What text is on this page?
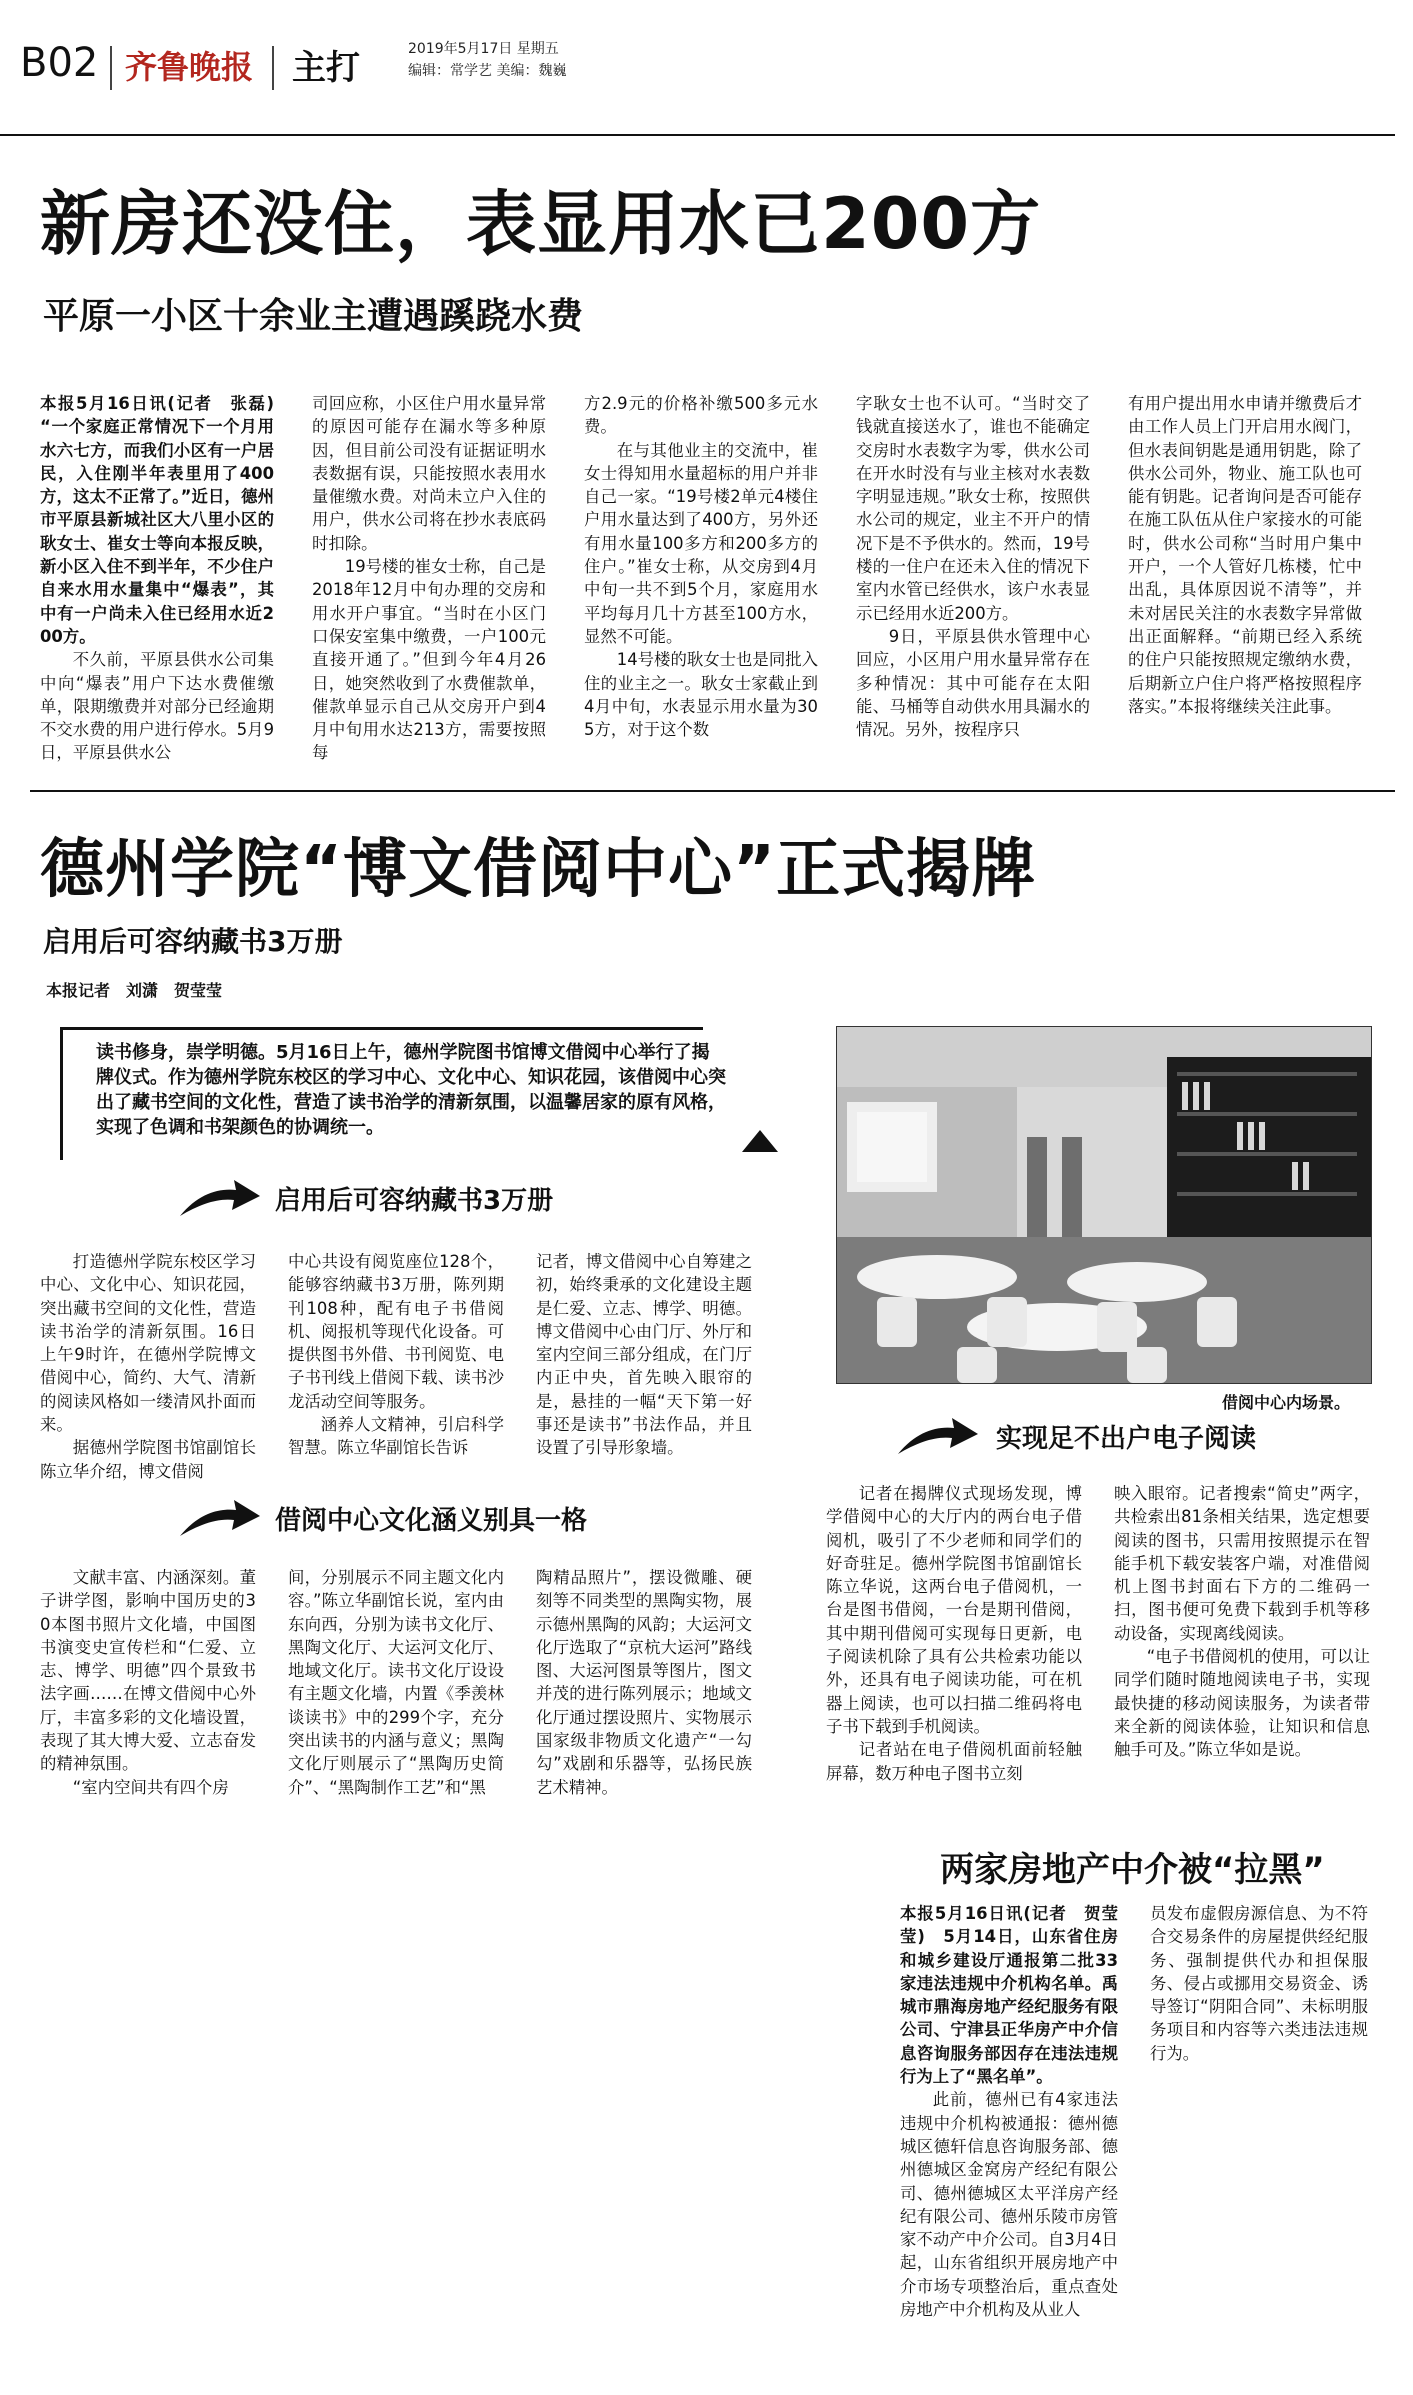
B02 齐鲁晚报 主打	2019年5月17日 星期五
编辑：常学艺 美编：魏巍
新房还没住，表显用水已200方
平原一小区十余业主遭遇蹊跷水费

本报5月16日讯(记者　张磊)　“一个家庭正常情况下一个月用水六七方，而我们小区有一户居民，入住刚半年表里用了400方，这太不正常了。”近日，德州市平原县新城社区大八里小区的耿女士、崔女士等向本报反映，新小区入住不到半年，不少住户自来水用水量集中“爆表”，其中有一户尚未入住已经用水近200方。

不久前，平原县供水公司集中向“爆表”用户下达水费催缴单，限期缴费并对部分已经逾期不交水费的用户进行停水。5月9日，平原县供水公

司回应称，小区住户用水量异常的原因可能存在漏水等多种原因，但目前公司没有证据证明水表数据有误，只能按照水表用水量催缴水费。对尚未立户入住的用户，供水公司将在抄水表底码时扣除。

19号楼的崔女士称，自己是2018年12月中旬办理的交房和用水开户事宜。“当时在小区门口保安室集中缴费，一户100元直接开通了。”但到今年4月26日，她突然收到了水费催款单，催款单显示自己从交房开户到4月中旬用水达213方，需要按照每

方2.9元的价格补缴500多元水费。

在与其他业主的交流中，崔女士得知用水量超标的用户并非自己一家。“19号楼2单元4楼住户用水量达到了400方，另外还有用水量100多方和200多方的住户。”崔女士称，从交房到4月中旬一共不到5个月，家庭用水平均每月几十方甚至100方水，显然不可能。

14号楼的耿女士也是同批入住的业主之一。耿女士家截止到4月中旬，水表显示用水量为305方，对于这个数

字耿女士也不认可。“当时交了钱就直接送水了，谁也不能确定交房时水表数字为零，供水公司在开水时没有与业主核对水表数字明显违规。”耿女士称，按照供水公司的规定，业主不开户的情况下是不予供水的。然而，19号楼的一住户在还未入住的情况下室内水管已经供水，该户水表显示已经用水近200方。

9日，平原县供水管理中心回应，小区用户用水量异常存在多种情况：其中可能存在太阳能、马桶等自动供水用具漏水的情况。另外，按程序只

有用户提出用水申请并缴费后才由工作人员上门开启用水阀门，但水表间钥匙是通用钥匙，除了供水公司外，物业、施工队也可能有钥匙。记者询问是否可能存在施工队伍从住户家接水的可能时，供水公司称“当时用户集中开户，一个人管好几栋楼，忙中出乱，具体原因说不清等”，并未对居民关注的水表数字异常做出正面解释。“前期已经入系统的住户只能按照规定缴纳水费，后期新立户住户将严格按照程序落实。”本报将继续关注此事。

德州学院“博文借阅中心”正式揭牌
启用后可容纳藏书3万册
本报记者　刘潇　贺莹莹
读书修身，崇学明德。5月16日上午，德州学院图书馆博文借阅中心举行了揭牌仪式。作为德州学院东校区的学习中心、文化中心、知识花园，该借阅中心突出了藏书空间的文化性，营造了读书治学的清新氛围，以温馨居家的原有风格，实现了色调和书架颜色的协调统一。
启用后可容纳藏书3万册

打造德州学院东校区学习中心、文化中心、知识花园，突出藏书空间的文化性，营造读书治学的清新氛围。16日上午9时许，在德州学院博文借阅中心，简约、大气、清新的阅读风格如一缕清风扑面而来。

据德州学院图书馆副馆长陈立华介绍，博文借阅

中心共设有阅览座位128个，能够容纳藏书3万册，陈列期刊108种，配有电子书借阅机、阅报机等现代化设备。可提供图书外借、书刊阅览、电子书刊线上借阅下载、读书沙龙活动空间等服务。

涵养人文精神，引启科学智慧。陈立华副馆长告诉

记者，博文借阅中心自筹建之初，始终秉承的文化建设主题是仁爱、立志、博学、明德。博文借阅中心由门厅、外厅和室内空间三部分组成，在门厅内正中央，首先映入眼帘的是，悬挂的一幅“天下第一好事还是读书”书法作品，并且设置了引导形象墙。

借阅中心文化涵义别具一格

文献丰富、内涵深刻。董子讲学图，影响中国历史的30本图书照片文化墙，中国图书演变史宣传栏和“仁爱、立志、博学、明德”四个景致书法字画……在博文借阅中心外厅，丰富多彩的文化墙设置，表现了其大博大爱、立志奋发的精神氛围。

“室内空间共有四个房

间，分别展示不同主题文化内容。”陈立华副馆长说，室内由东向西，分别为读书文化厅、黑陶文化厅、大运河文化厅、地域文化厅。读书文化厅设设有主题文化墙，内置《季羡林谈读书》中的299个字，充分突出读书的内涵与意义；黑陶文化厅则展示了“黑陶历史简介”、“黑陶制作工艺”和“黑

陶精品照片”，摆设微雕、硬刻等不同类型的黑陶实物，展示德州黑陶的风韵；大运河文化厅选取了“京杭大运河”路线图、大运河图景等图片，图文并茂的进行陈列展示；地域文化厅通过摆设照片、实物展示国家级非物质文化遗产“一勾勾”戏剧和乐器等，弘扬民族艺术精神。

借阅中心内场景。
实现足不出户电子阅读

记者在揭牌仪式现场发现，博学借阅中心的大厅内的两台电子借阅机，吸引了不少老师和同学们的好奇驻足。德州学院图书馆副馆长陈立华说，这两台电子借阅机，一台是图书借阅，一台是期刊借阅，其中期刊借阅可实现每日更新，电子阅读机除了具有公共检索功能以外，还具有电子阅读功能，可在机器上阅读，也可以扫描二维码将电子书下载到手机阅读。

记者站在电子借阅机面前轻触屏幕，数万种电子图书立刻

映入眼帘。记者搜索“简史”两字，共检索出81条相关结果，选定想要阅读的图书，只需用按照提示在智能手机下载安装客户端，对准借阅机上图书封面右下方的二维码一扫，图书便可免费下载到手机等移动设备，实现离线阅读。

“电子书借阅机的使用，可以让同学们随时随地阅读电子书，实现最快捷的移动阅读服务，为读者带来全新的阅读体验，让知识和信息触手可及。”陈立华如是说。

两家房地产中介被“拉黑”

本报5月16日讯(记者　贺莹莹)　5月14日，山东省住房和城乡建设厅通报第二批33家违法违规中介机构名单。禹城市鼎海房地产经纪服务有限公司、宁津县正华房产中介信息咨询服务部因存在违法违规行为上了“黑名单”。

此前，德州已有4家违法违规中介机构被通报：德州德城区德轩信息咨询服务部、德州德城区金窝房产经纪有限公司、德州德城区太平洋房产经纪有限公司、德州乐陵市房管家不动产中介公司。自3月4日起，山东省组织开展房地产中介市场专项整治后，重点查处房地产中介机构及从业人

员发布虚假房源信息、为不符合交易条件的房屋提供经纪服务、强制提供代办和担保服务、侵占或挪用交易资金、诱导签订“阴阳合同”、未标明服务项目和内容等六类违法违规行为。
